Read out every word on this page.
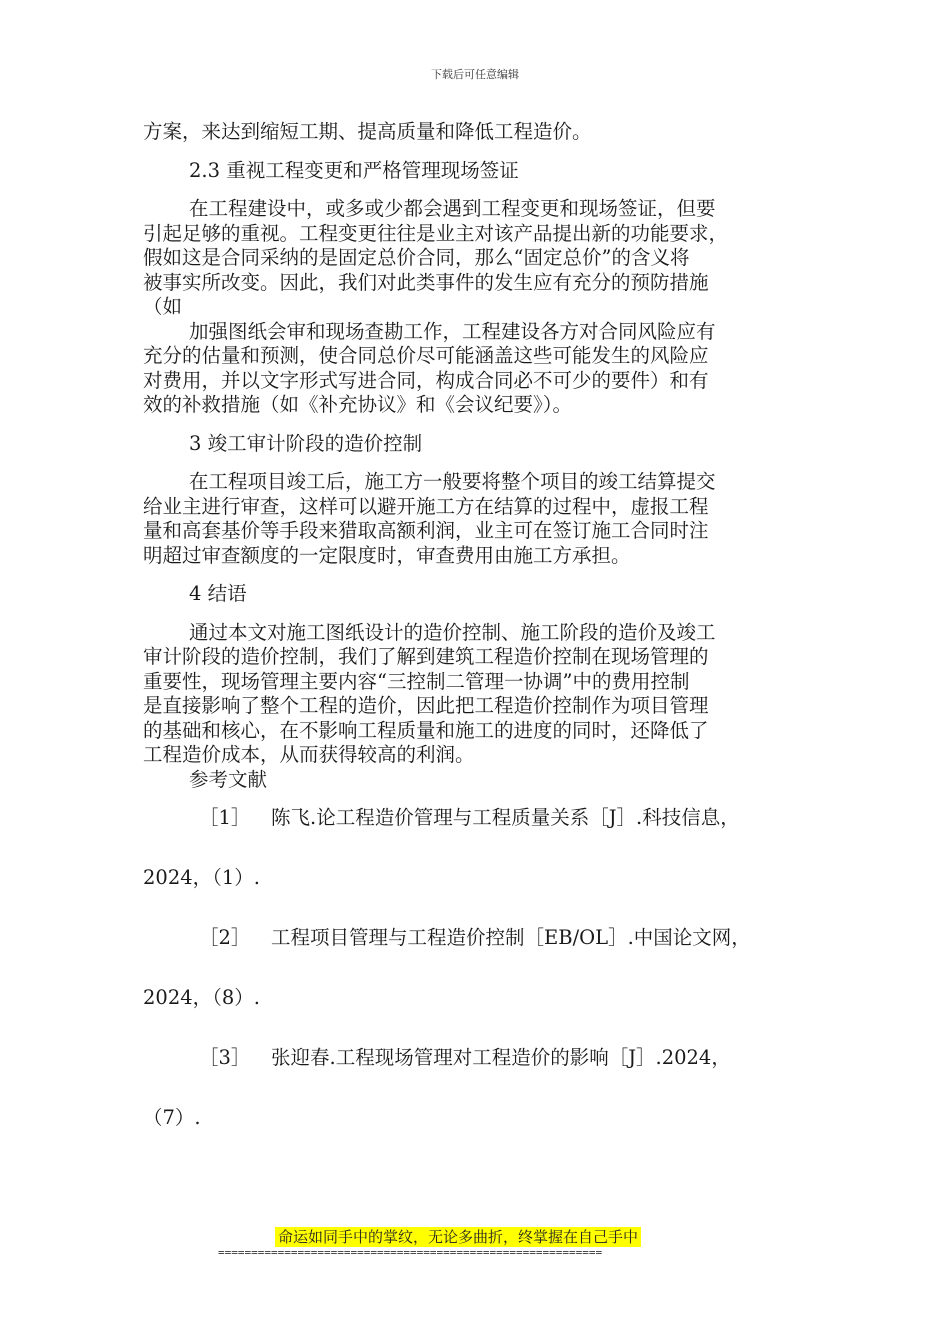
下载后可任意编辑

方案，来达到缩短工期、提高质量和降低工程造价。

2.3 重视工程变更和严格管理现场签证

在工程建设中，或多或少都会遇到工程变更和现场签证，但要

引起足够的重视。工程变更往往是业主对该产品提出新的功能要求，

假如这是合同采纳的是固定总价合同，那么“固定总价”的含义将

被事实所改变。因此，我们对此类事件的发生应有充分的预防措施

（如

加强图纸会审和现场查勘工作，工程建设各方对合同风险应有

充分的估量和预测，使合同总价尽可能涵盖这些可能发生的风险应

对费用，并以文字形式写进合同，构成合同必不可少的要件）和有

效的补救措施（如《补充协议》和《会议纪要》）。

3 竣工审计阶段的造价控制

在工程项目竣工后，施工方一般要将整个项目的竣工结算提交

给业主进行审查，这样可以避开施工方在结算的过程中，虚报工程

量和高套基价等手段来猎取高额利润，业主可在签订施工合同时注

明超过审查额度的一定限度时，审查费用由施工方承担。

4 结语

通过本文对施工图纸设计的造价控制、施工阶段的造价及竣工

审计阶段的造价控制，我们了解到建筑工程造价控制在现场管理的

重要性，现场管理主要内容“三控制二管理一协调”中的费用控制

是直接影响了整个工程的造价，因此把工程造价控制作为项目管理

的基础和核心，在不影响工程质量和施工的进度的同时，还降低了

工程造价成本，从而获得较高的利润。

参考文献

［1］ 陈飞.论工程造价管理与工程质量关系［J］.科技信息，

2024，（1）.

［2］ 工程项目管理与工程造价控制［EB/OL］.中国论文网，

2024，（8）.

［3］ 张迎春.工程现场管理对工程造价的影响［J］.2024，

（7）.

命运如同手中的掌纹，无论多曲折，终掌握在自己手中
==========================================================
